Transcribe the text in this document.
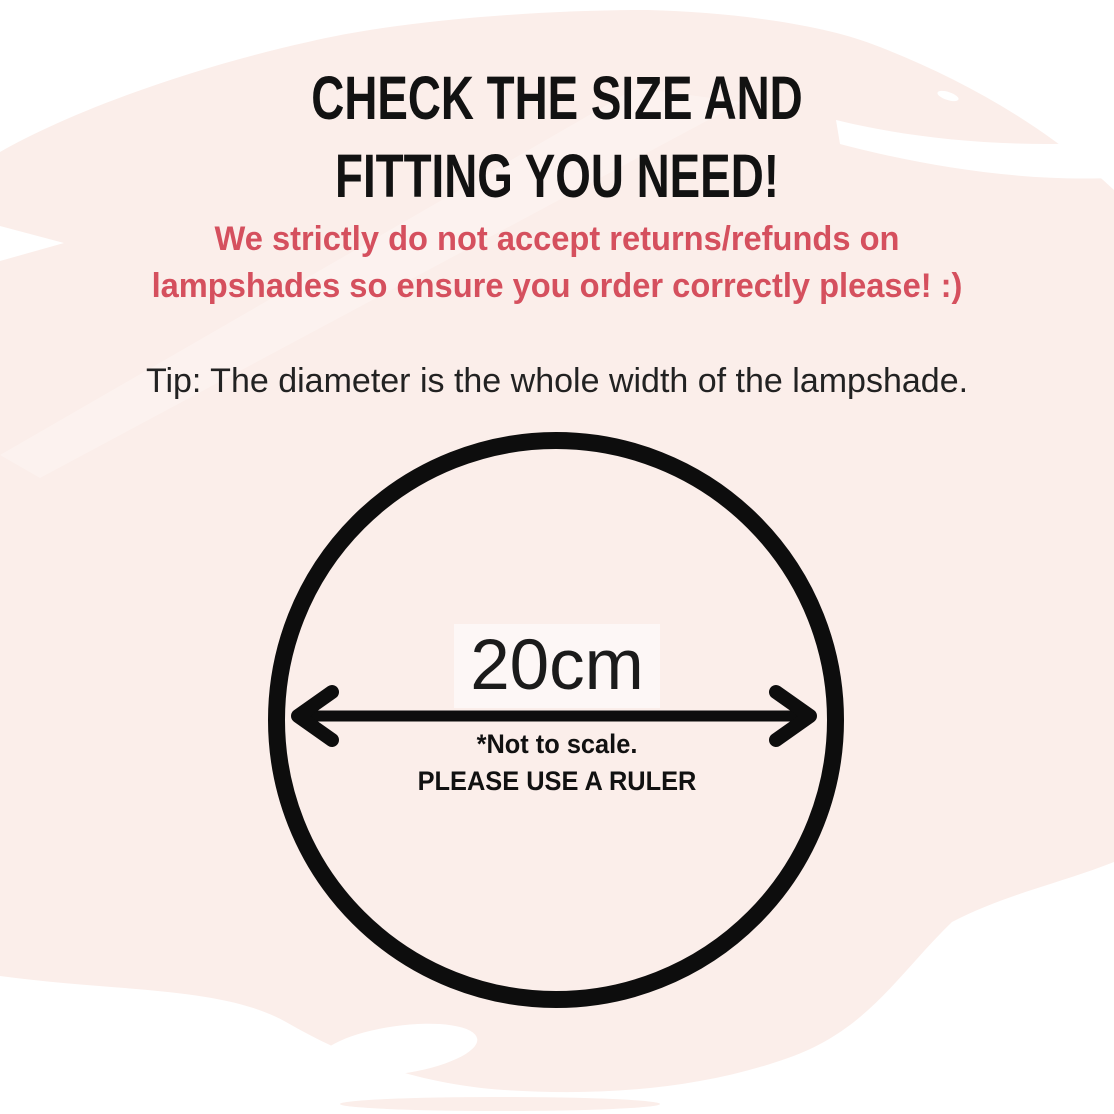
CHECK THE SIZE AND
FITTING YOU NEED!
We strictly do not accept returns/refunds on
lampshades so ensure you order correctly please! :)
Tip: The diameter is the whole width of the lampshade.
20cm
*Not to scale.
PLEASE USE A RULER
